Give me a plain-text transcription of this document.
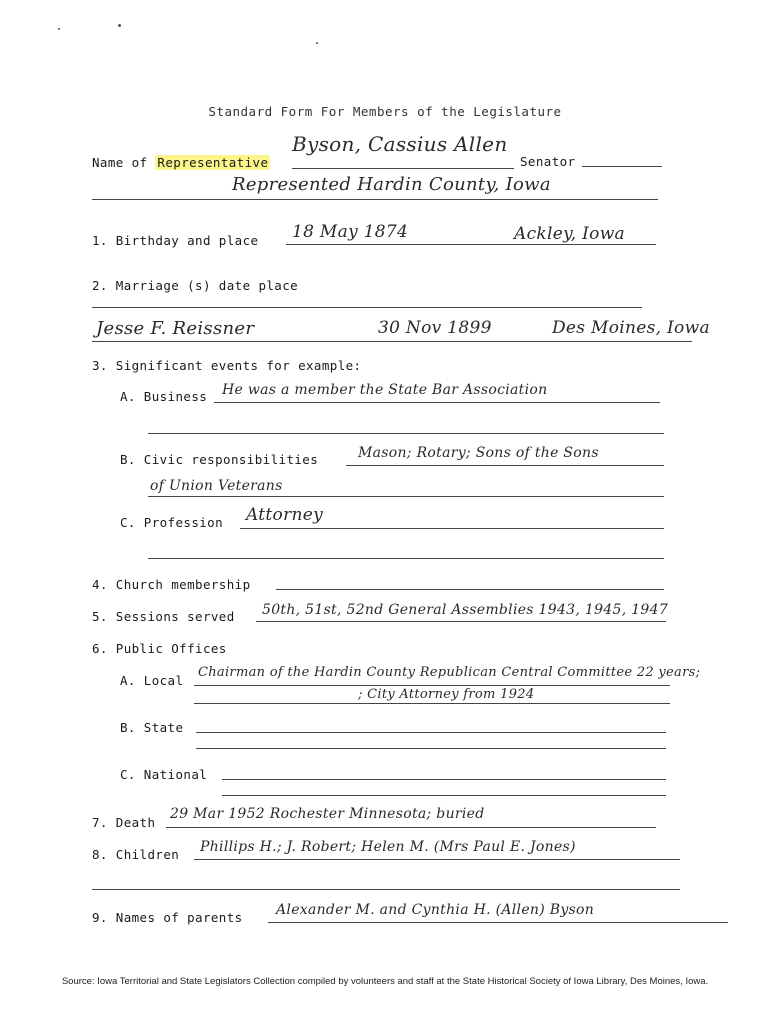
Standard Form For Members of the Legislature
Name of Representative
Byson, Cassius Allen
Senator
Represented Hardin County, Iowa
1. Birthday and place 18 May 1874	Ackley, Iowa
2. Marriage (s) date place
Jesse F. Reissner	30 Nov 1899	Des Moines, Iowa
3. Significant events for example:
A. Business He was a member the State Bar Association
B. Civic responsibilities	Mason; Rotary; Sons of the Sons
of Union Veterans
C. Profession Attorney
4. Church membership
5. Sessions served 50th, 51st, 52nd General Assemblies 1943, 1945, 1947
6. Public Offices
A. Local
Chairman of the Hardin County Republican Central Committee 22 years;
; City Attorney from 1924
B. State
C. National
7. Death
29 Mar 1952 Rochester Minnesota; buried
8. Children Phillips H.; J. Robert; Helen M. (Mrs Paul E. Jones)
9. Names of parents Alexander M. and Cynthia H. (Allen) Byson
Source: Iowa Territorial and State Legislators Collection compiled by volunteers and staff at the State Historical Society of Iowa Library, Des Moines, Iowa.
